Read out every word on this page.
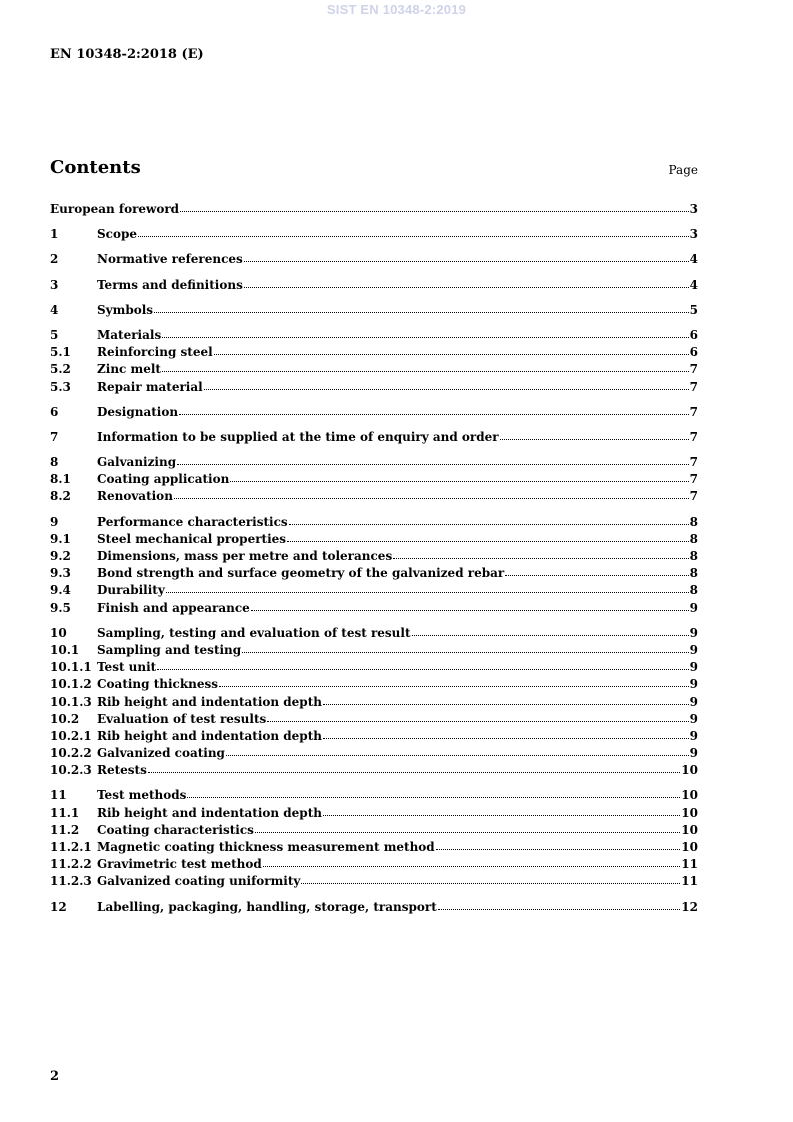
SIST EN 10348-2:2019
EN 10348-2:2018 (E)
Contents	Page
European foreword	3
1	Scope	3
2	Normative references	4
3	Terms and definitions	4
4	Symbols	5
5	Materials	6
5.1	Reinforcing steel	6
5.2	Zinc melt	7
5.3	Repair material	7
6	Designation	7
7	Information to be supplied at the time of enquiry and order	7
8	Galvanizing	7
8.1	Coating application	7
8.2	Renovation	7
9	Performance characteristics	8
9.1	Steel mechanical properties	8
9.2	Dimensions, mass per metre and tolerances	8
9.3	Bond strength and surface geometry of the galvanized rebar	8
9.4	Durability	8
9.5	Finish and appearance	9
10	Sampling, testing and evaluation of test result	9
10.1	Sampling and testing	9
10.1.1 Test unit	9
10.1.2 Coating thickness	9
10.1.3 Rib height and indentation depth	9
10.2	Evaluation of test results	9
10.2.1 Rib height and indentation depth	9
10.2.2 Galvanized coating	9
10.2.3 Retests	10
11	Test methods	10
11.1	Rib height and indentation depth	10
11.2	Coating characteristics	10
11.2.1 Magnetic coating thickness measurement method	10
11.2.2 Gravimetric test method	11
11.2.3 Galvanized coating uniformity	11
12	Labelling, packaging, handling, storage, transport	12
2
